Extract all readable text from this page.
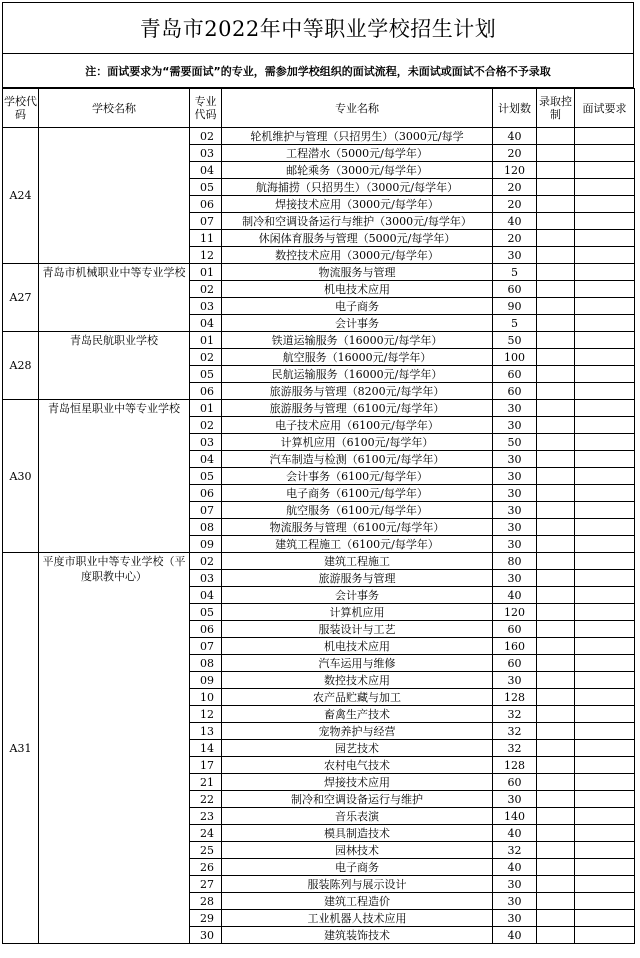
青岛市2022年中等职业学校招生计划
注：面试要求为“需要面试”的专业，需参加学校组织的面试流程，未面试或面试不合格不予录取
学校代码	学校名称	专业代码	专业名称	计划数	录取控制	面试要求
A24		02	轮机维护与管理（只招男生）（3000元/每学	40		
		03	工程潜水（5000元/每学年）	20		
		04	邮轮乘务（3000元/每学年）	120		
		05	航海捕捞（只招男生）（3000元/每学年）	20		
		06	焊接技术应用（3000元/每学年）	20		
		07	制冷和空调设备运行与维护（3000元/每学年）	40		
		11	休闲体育服务与管理（5000元/每学年）	20		
		12	数控技术应用（3000元/每学年）	30		
A27	青岛市机械职业中等专业学校	01	物流服务与管理	5		
		02	机电技术应用	60		
		03	电子商务	90		
		04	会计事务	5		
A28	青岛民航职业学校	01	铁道运输服务（16000元/每学年）	50		
		02	航空服务（16000元/每学年）	100		
		05	民航运输服务（16000元/每学年）	60		
		06	旅游服务与管理（8200元/每学年）	60		
A30	青岛恒星职业中等专业学校	01	旅游服务与管理（6100元/每学年）	30		
		02	电子技术应用（6100元/每学年）	30		
		03	计算机应用（6100元/每学年）	50		
		04	汽车制造与检测（6100元/每学年）	30		
		05	会计事务（6100元/每学年）	30		
		06	电子商务（6100元/每学年）	30		
		07	航空服务（6100元/每学年）	30		
		08	物流服务与管理（6100元/每学年）	30		
		09	建筑工程施工（6100元/每学年）	30		
A31	平度市职业中等专业学校（平度职教中心）	02	建筑工程施工	80		
		03	旅游服务与管理	30		
		04	会计事务	40		
		05	计算机应用	120		
		06	服装设计与工艺	60		
		07	机电技术应用	160		
		08	汽车运用与维修	60		
		09	数控技术应用	30		
		10	农产品贮藏与加工	128		
		12	畜禽生产技术	32		
		13	宠物养护与经营	32		
		14	园艺技术	32		
		17	农村电气技术	128		
		21	焊接技术应用	60		
		22	制冷和空调设备运行与维护	30		
		23	音乐表演	140		
		24	模具制造技术	40		
		25	园林技术	32		
		26	电子商务	40		
		27	服装陈列与展示设计	30		
		28	建筑工程造价	30		
		29	工业机器人技术应用	30		
		30	建筑装饰技术	40		
